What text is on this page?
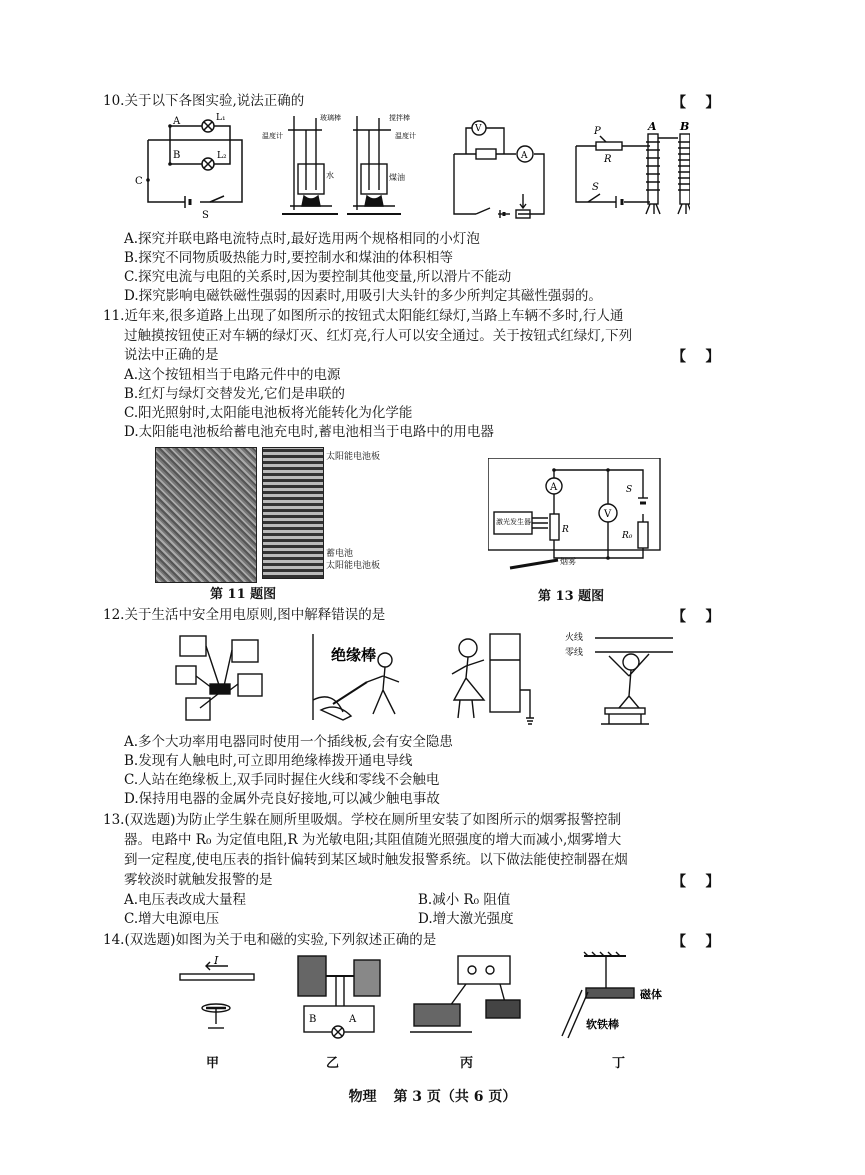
10.关于以下各图实验,说法正确的	【    】
A
B
C
S
L₁
L₂
温度计
玻璃棒
水
搅拌棒
温度计
煤油
V
A
P
R
S
A B
A.探究并联电路电流特点时,最好选用两个规格相同的小灯泡
B.探究不同物质吸热能力时,要控制水和煤油的体积相等
C.探究电流与电阻的关系时,因为要控制其他变量,所以滑片不能动
D.探究影响电磁铁磁性强弱的因素时,用吸引大头针的多少所判定其磁性强弱的。
11.近年来,很多道路上出现了如图所示的按钮式太阳能红绿灯,当路上车辆不多时,行人通
过触摸按钮使正对车辆的绿灯灭、红灯亮,行人可以安全通过。关于按钮式红绿灯,下列
说法中正确的是	【    】
A.这个按钮相当于电路元件中的电源
B.红灯与绿灯交替发光,它们是串联的
C.阳光照射时,太阳能电池板将光能转化为化学能
D.太阳能电池板给蓄电池充电时,蓄电池相当于电路中的用电器
太阳能电池板
蓄电池
太阳能电池板
第 11 题图
A
V
S
R
R₀
激光发生器
烟雾
第 13 题图
12.关于生活中安全用电原则,图中解释错误的是	【    】
绝缘棒
火线
零线
A.多个大功率用电器同时使用一个插线板,会有安全隐患
B.发现有人触电时,可立即用绝缘棒拨开通电导线
C.人站在绝缘板上,双手同时握住火线和零线不会触电
D.保持用电器的金属外壳良好接地,可以减少触电事故
13.(双选题)为防止学生躲在厕所里吸烟。学校在厕所里安装了如图所示的烟雾报警控制
器。电路中 R₀ 为定值电阻,R 为光敏电阻;其阻值随光照强度的增大而减小,烟雾增大
到一定程度,使电压表的指针偏转到某区域时触发报警系统。以下做法能使控制器在烟
雾较淡时就触发报警的是	【    】
A.电压表改成大量程	B.减小 R₀ 阻值
C.增大电源电压	D.增大激光强度
14.(双选题)如图为关于电和磁的实验,下列叙述正确的是	【    】
I
B	A
磁体
软铁棒
甲	乙	丙	丁
物理 第 3 页（共 6 页）
